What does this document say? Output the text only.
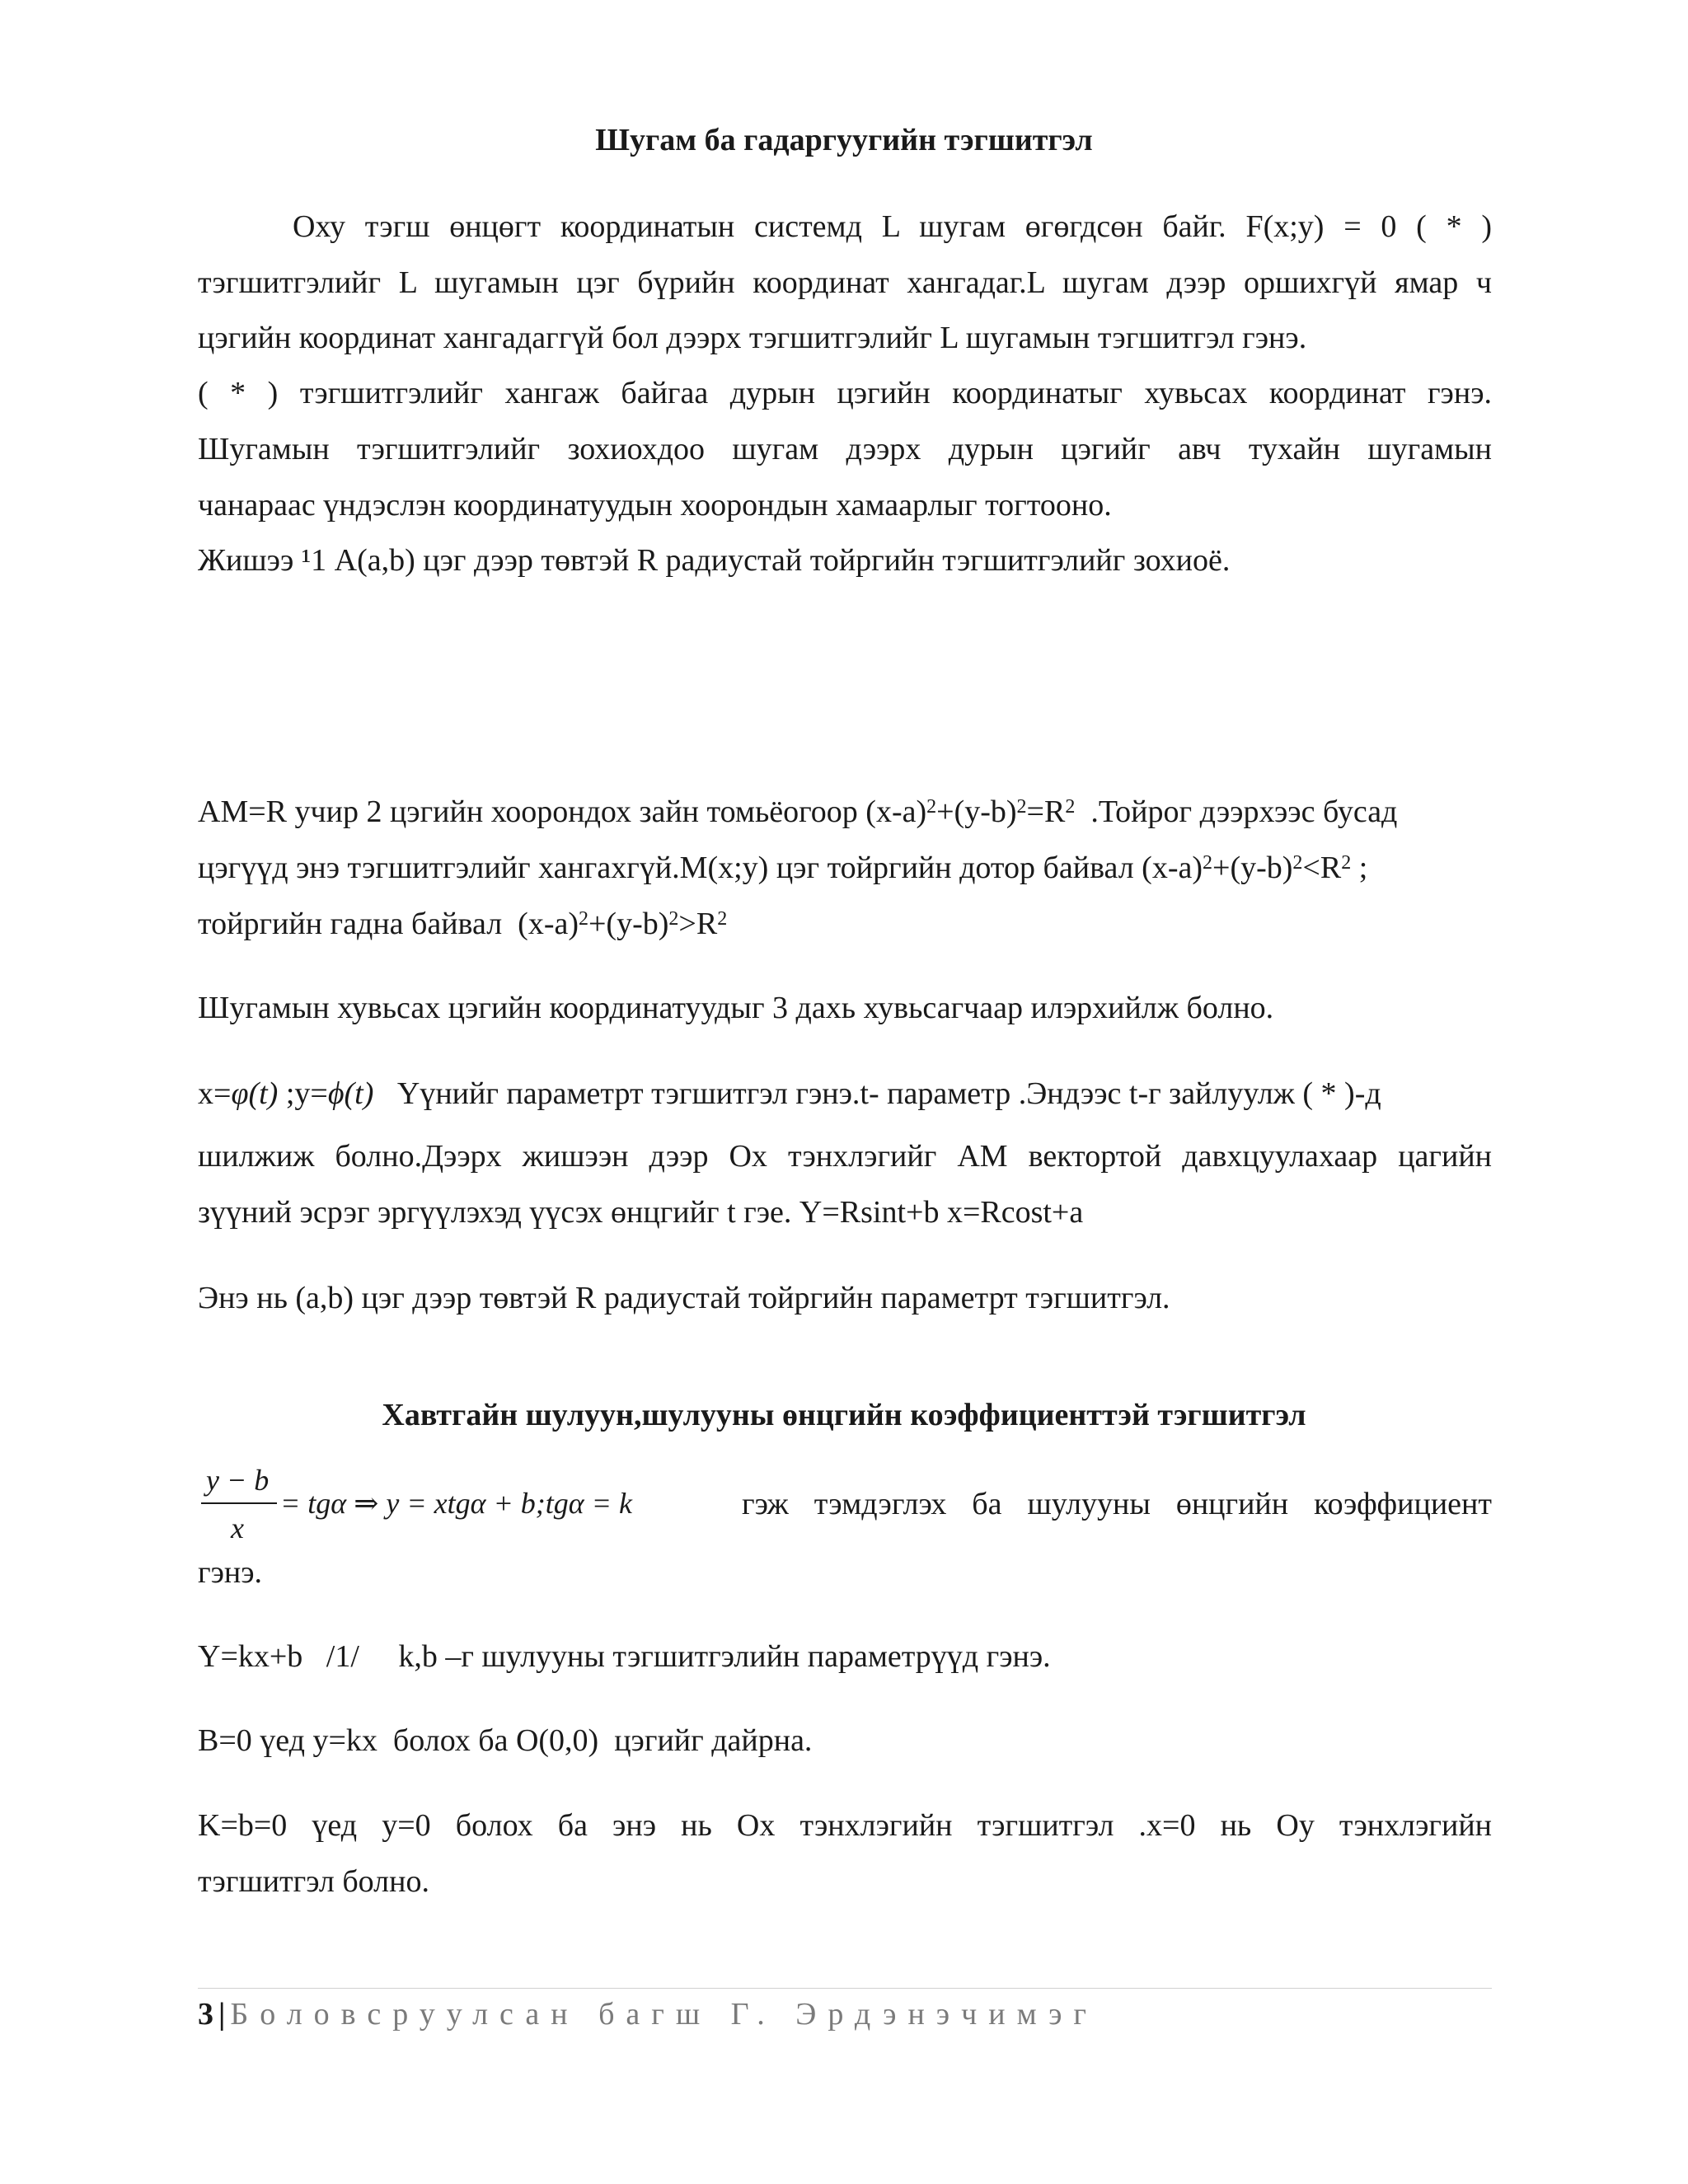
Шугам ба гадаргуугийн тэгшитгэл
Оху тэгш өнцөгт координатын системд L шугам өгөгдсөн байг. F(x;y) = 0 ( * )
тэгшитгэлийг L шугамын цэг бүрийн координат хангадаг.L шугам дээр оршихгүй ямар ч
цэгийн координат хангадаггүй бол дээрх тэгшитгэлийг L шугамын тэгшитгэл гэнэ.
( * ) тэгшитгэлийг хангаж байгаа дурын цэгийн координатыг хувьсах координат гэнэ.
Шугамын тэгшитгэлийг зохиохдоо шугам дээрх дурын цэгийг авч тухайн шугамын
чанараас үндэслэн координатуудын хоорондын хамаарлыг тогтооно.
Жишээ ¹1 A(a,b) цэг дээр төвтэй R радиустай тойргийн тэгшитгэлийг зохиоё.
AM=R учир 2 цэгийн хоорондох зайн томьёогоор $(x-a)^2+(y-b)^2=R^2$  .Тойрог дээрхээс бусад
цэгүүд энэ тэгшитгэлийг хангахгүй.M(x;y) цэг тойргийн дотор байвал $(x-a)^2+(y-b)^2<R^2$ ;
тойргийн гадна байвал  $(x-a)^2+(y-b)^2>R^2$
Шугамын хувьсах цэгийн координатуудыг 3 дахь хувьсагчаар илэрхийлж болно.
x=φ(t) ;y=ϕ(t)   Үүнийг параметрт тэгшитгэл гэнэ.t- параметр .Эндээс t-г зайлуулж ( * )-д
шилжиж болно.Дээрх жишээн дээр Ох тэнхлэгийг AM вектортой давхцуулахаар цагийн
зүүний эсрэг эргүүлэхэд үүсэх өнцгийг t гэе. Y=Rsint+b x=Rcost+a
Энэ нь (a,b) цэг дээр төвтэй R радиустай тойргийн параметрт тэгшитгэл.
Хавтгайн шулуун,шулууны өнцгийн коэффициенттэй тэгшитгэл
y − b
x
= tgα ⇒ y = xtgα + b;tgα = k	гэж тэмдэглэх ба шулууны өнцгийн коэффициент
гэнэ.
Y=kx+b   /1/     k,b –г шулууны тэгшитгэлийн параметрүүд гэнэ.
B=0 үед y=kx  болох ба O(0,0)  цэгийг дайрна.
K=b=0 үед y=0 болох ба энэ нь Ох тэнхлэгийн тэгшитгэл .x=0 нь Оу тэнхлэгийн
тэгшитгэл болно.
3 | Боловсруулсан багш Г. Эрдэнэчимэг
